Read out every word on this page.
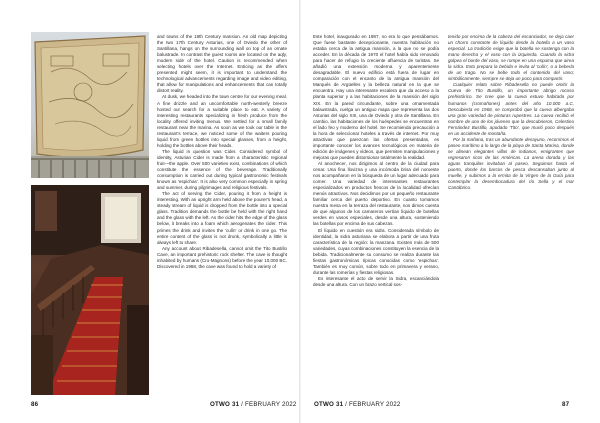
and towns of the 19th Century mansion. An old map depicting the two 17th Century Asturias, one of Oviedo the other of Santillana, hangs on the surrounding wall on top of an ornate balustrade. In contrast the guest rooms are located on the aqly, modern side of the hotel. Caution is recommended when selecting hotels over the Internet. Enticing as the offers presented might seem, it is important to understand the technological advancements regarding image and video editing, that allow for manipulations and enhancements that can totally distort reality.

At dusk, we headed into the town centre for our evening meal. A fine drizzle and an uncomfortable north-westerly breeze hosted our search for a suitable place to eat. A variety of interesting restaurants specializing in fresh produce from the locality offered inviting menus. We settled for a small family restaurant near the marina. As soon as we took our table in the restaurant's terrace, we noticed some of the waiters pouring liquid from green bottles into special glasses, from a height, holding the bottles above their heads.

The liquid in question was Cider. Considered symbol of identity, Asturian Cider is made from a characteristic regional fruit—the apple. Over 500 varieties exist, combinations of which constitute the essence of the beverage. Traditionally consumption is carried out during typical gastronomic festivals known as 'espichas'. It is also very common especially in spring and summer, during pilgrimages and religious festivals.

The act of serving the Cider, pouring it from a height is interesting. With an upright arm held above the pourer's head, a steady stream of liquid is dropped from the bottle into a special glass. Tradition demands the bottle be held with the right hand and the glass with the left. As the cider hits the edge of the glass below, it breaks into a foam which aerogenates the cider. This primes the drink and invites the 'culín' or drink in one go. The entire content of the glass is not drunk, symbolically a little is always left to share.

Any account about Ribadesella, cannot omit the Tito Bustillo Cave, an important prehistoric rock shelter. The cave is thought inhabited by humans (Cro-Magnons) before the year 10,000 BC. Discovered in 1968, the cave was found to hold a variety of

Este hotel, inaugurado en 1987, no era lo que pensábamos. Que fuese bastante decepcionante, nuestra habitación no estaba cerca de la antigua mansión, a la que no se podía acceder. En la década de 1970 el hotel había sido renovado para hacer de refugio la creciente afluencia de turistas. Se añadió una extensión moderna y aparentemente desagradable. El nuevo edificio está fuera de lugar en comparación con el encanto de la antigua mansión del Marqués de Argüelles y la belleza natural en la que se encuentra. Hay una interesante escalera que da acceso a la planta superior y a las habitaciones de la mansión del siglo XIX. En la pared circundante, sobre una ornamentada balaustrada, cuelga un antiguo mapa que representa las dos Asturias del siglo XIII, una de Oviedo y otra de Santillana. En cambio, las habitaciones de los huéspedes se encuentran en el lado feo y moderno del hotel. Se recomienda precaución a la hora de seleccionar hoteles a través de internet. Por muy atractivas que parezcan las ofertas presentadas, es importante conocer los avances tecnológicos en materia de edición de imágenes y vídeos, que permiten manipulaciones y mejoras que pueden distorsionar totalmente la realidad.

Al anochecer, nos dirigimos al centro de la ciudad para cenar. Una fina llovizna y una incómoda brisa del noroeste nos acompañaron en la búsqueda de un lugar adecuado para comer. Una variedad de interesantes restaurantes especializados en productos frescos de la localidad ofrecían menús atractivos. Nos decidimos por un pequeño restaurante familiar cerca del puerto deportivo. En cuanto tomamos nuestra mesa en la terraza del restaurante, nos dimos cuenta de que algunos de los camareros vertían líquido de botellas verdes en vasos especiales, desde una altura, sosteniendo las botellas por encima de sus cabezas.

El líquido en cuestión era sidra. Considerada símbolo de identidad, la sidra asturiana se elabora a partir de una fruta característica de la región: la manzana. Existen más de 500 variedades, cuyas combinaciones constituyen la esencia de la bebida. Tradicionalmente su consumo se realiza durante las fiestas gastronómicas típicas conocidas como 'espichas'. También es muy común, sobre todo en primavera y verano, durante las romerías y fiestas religiosas.

Es interesante el acto de servir la Sidra, escanciándola desde una altura. Con un brazo vertical sos-

tenido por encima de la cabeza del escanciador, se deja caer un chorro constante de líquido desde la botella a un vaso especial. La tradición exige que la botella se sostenga con la mano derecha y el vaso con la izquierda. Cuando la sidra golpea el borde del vaso, se rompe en una espuma que airea la sidra. Esto prepara la bebida e invita al 'culín', o a beberla de un trago. No se bebe todo el contenido del vaso; simbólicamente, siempre se deja un poco para compartir.

Cualquier relato sobre Ribadesella no puede omitir la Cueva de Tito Bustillo, un importante abrigo rocoso prehistórico. Se cree que la cueva estuvo habitada por humanos (cromañones) antes del año 10.000 a.C. Descubierta en 1968, se comprobó que la cueva albergaba una gran variedad de pinturas rupestres. La cueva recibió el nombre de uno de los jóvenes que la descubrieron, Celestino Fernández Bustillo, apodado 'Tito', que murió poco después en un accidente de montaña.

Por la mañana, tras un abundante desayuno, recorrimos el paseo marítimo a lo largo de la playa de Santa Marina, donde se alinean elegantes villas de indianos, emigrantes que regresaron ricos de las Américas. La arena dorada y las aguas tranquilas invitaban al paseo. Seguimos hasta el puerto, donde los barcos de pesca descansaban junto al muelle, y subimos a la ermita de la Virgen de la Guía para contemplar la desembocadura del río Sella y el mar Cantábrico.

86	OTWO 31 / FEBRUARY 2022	OTWO 31 / FEBRUARY 2022	87
